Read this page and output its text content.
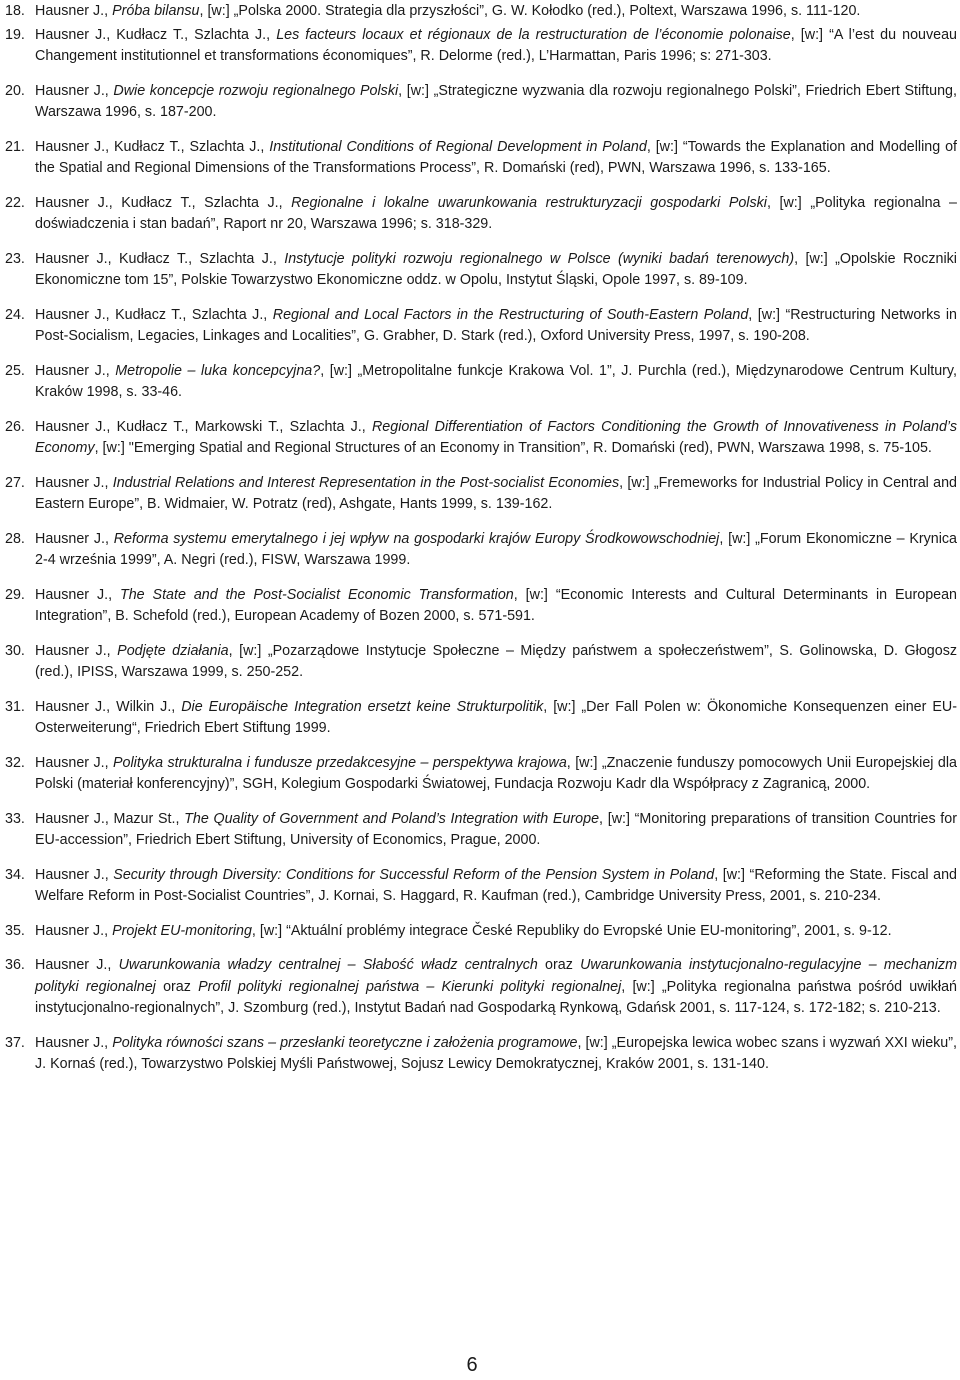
18. Hausner J., Próba bilansu, [w:] „Polska 2000. Strategia dla przyszłości”, G. W. Kołodko (red.), Poltext, Warszawa 1996, s. 111-120.
19. Hausner J., Kudłacz T., Szlachta J., Les facteurs locaux et régionaux de la restructuration de l’économie polonaise, [w:] “A l’est du nouveau Changement institutionnel et transformations économiques”, R. Delorme (red.), L’Harmattan, Paris 1996; s: 271-303.
20. Hausner J., Dwie koncepcje rozwoju regionalnego Polski, [w:] „Strategiczne wyzwania dla rozwoju regionalnego Polski”, Friedrich Ebert Stiftung, Warszawa 1996, s. 187-200.
21. Hausner J., Kudłacz T., Szlachta J., Institutional Conditions of Regional Development in Poland, [w:] “Towards the Explanation and Modelling of the Spatial and Regional Dimensions of the Transformations Process”, R. Domański (red), PWN, Warszawa 1996, s. 133-165.
22. Hausner J., Kudłacz T., Szlachta J., Regionalne i lokalne uwarunkowania restrukturyzacji gospodarki Polski, [w:] „Polityka regionalna – doświadczenia i stan badań”, Raport nr 20, Warszawa 1996; s. 318-329.
23. Hausner J., Kudłacz T., Szlachta J., Instytucje polityki rozwoju regionalnego w Polsce (wyniki badań terenowych), [w:] „Opolskie Roczniki Ekonomiczne tom 15”, Polskie Towarzystwo Ekonomiczne oddz. w Opolu, Instytut Śląski, Opole 1997, s. 89-109.
24. Hausner J., Kudłacz T., Szlachta J., Regional and Local Factors in the Restructuring of South-Eastern Poland, [w:] “Restructuring Networks in Post-Socialism, Legacies, Linkages and Localities”, G. Grabher, D. Stark (red.), Oxford University Press, 1997, s. 190-208.
25. Hausner J., Metropolie – luka koncepcyjna?, [w:] „Metropolitalne funkcje Krakowa Vol. 1”, J. Purchla (red.), Międzynarodowe Centrum Kultury, Kraków 1998, s. 33-46.
26. Hausner J., Kudłacz T., Markowski T., Szlachta J., Regional Differentiation of Factors Conditioning the Growth of Innovativeness in Poland’s Economy, [w:] "Emerging Spatial and Regional Structures of an Economy in Transition”, R. Domański (red), PWN, Warszawa 1998, s. 75-105.
27. Hausner J., Industrial Relations and Interest Representation in the Post-socialist Economies, [w:] „Fremeworks for Industrial Policy in Central and Eastern Europe”, B. Widmaier, W. Potratz (red), Ashgate, Hants 1999, s. 139-162.
28. Hausner J., Reforma systemu emerytalnego i jej wpływ na gospodarki krajów Europy Środkowowschodniej, [w:] „Forum Ekonomiczne – Krynica 2-4 września 1999”, A. Negri (red.), FISW, Warszawa 1999.
29. Hausner J., The State and the Post-Socialist Economic Transformation, [w:] “Economic Interests and Cultural Determinants in European Integration”, B. Schefold (red.), European Academy of Bozen 2000, s. 571-591.
30. Hausner J., Podjęte działania, [w:] „Pozarządowe Instytucje Społeczne – Między państwem a społeczeństwem”, S. Golinowska, D. Głogosz (red.), IPISS, Warszawa 1999, s. 250-252.
31. Hausner J., Wilkin J., Die Europäische Integration ersetzt keine Strukturpolitik, [w:] „Der Fall Polen w: Ökonomiche Konsequenzen einer EU-Osterweiterung“, Friedrich Ebert Stiftung 1999.
32. Hausner J., Polityka strukturalna i fundusze przedakcesyjne – perspektywa krajowa, [w:] „Znaczenie funduszy pomocowych Unii Europejskiej dla Polski (materiał konferencyjny)”, SGH, Kolegium Gospodarki Światowej, Fundacja Rozwoju Kadr dla Współpracy z Zagranicą, 2000.
33. Hausner J., Mazur St., The Quality of Government and Poland’s Integration with Europe, [w:] “Monitoring preparations of transition Countries for EU-accession”, Friedrich Ebert Stiftung, University of Economics, Prague, 2000.
34. Hausner J., Security through Diversity: Conditions for Successful Reform of the Pension System in Poland, [w:] “Reforming the State. Fiscal and Welfare Reform in Post-Socialist Countries”, J. Kornai, S. Haggard, R. Kaufman (red.), Cambridge University Press, 2001, s. 210-234.
35. Hausner J., Projekt EU-monitoring, [w:] “Aktuální problémy integrace České Republiky do Evropské Unie EU-monitoring”, 2001, s. 9-12.
36. Hausner J., Uwarunkowania władzy centralnej – Słabość władz centralnych oraz Uwarunkowania instytucjonalno-regulacyjne – mechanizm polityki regionalnej oraz Profil polityki regionalnej państwa – Kierunki polityki regionalnej, [w:] „Polityka regionalna państwa pośród uwikłań instytucjonalno-regionalnych”, J. Szomburg (red.), Instytut Badań nad Gospodarką Rynkową, Gdańsk 2001, s. 117-124, s. 172-182; s. 210-213.
37. Hausner J., Polityka równości szans – przesłanki teoretyczne i założenia programowe, [w:] „Europejska lewica wobec szans i wyzwań XXI wieku”, J. Kornaś (red.), Towarzystwo Polskiej Myśli Państwowej, Sojusz Lewicy Demokratycznej, Kraków 2001, s. 131-140.
6
